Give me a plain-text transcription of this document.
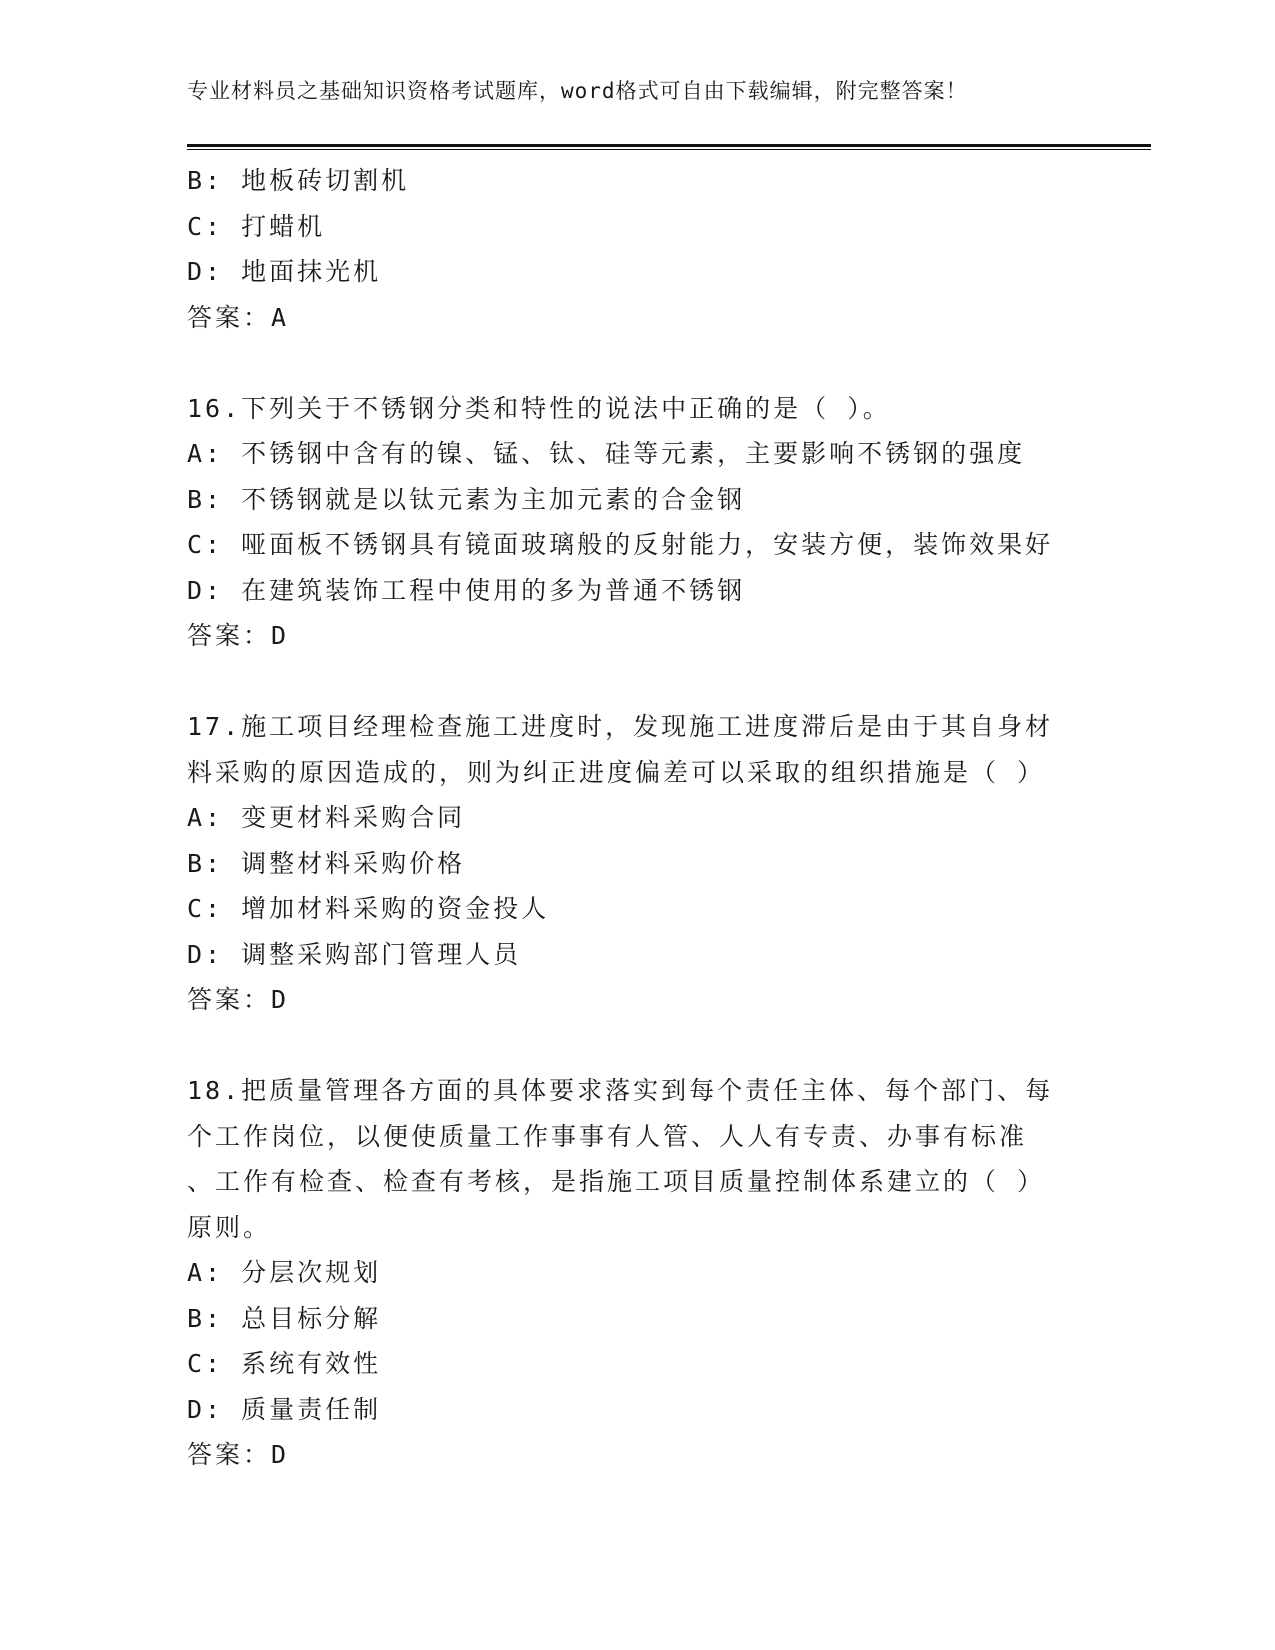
专业材料员之基础知识资格考试题库，word格式可自由下载编辑，附完整答案！
B: 地板砖切割机
C: 打蜡机
D: 地面抹光机
答案：A
16.下列关于不锈钢分类和特性的说法中正确的是（ ）。
A: 不锈钢中含有的镍、锰、钛、硅等元素，主要影响不锈钢的强度
B: 不锈钢就是以钛元素为主加元素的合金钢
C: 哑面板不锈钢具有镜面玻璃般的反射能力，安装方便，装饰效果好
D: 在建筑装饰工程中使用的多为普通不锈钢
答案：D
17.施工项目经理检查施工进度时，发现施工进度滞后是由于其自身材
料采购的原因造成的，则为纠正进度偏差可以采取的组织措施是（ ）
A: 变更材料采购合同
B: 调整材料采购价格
C: 增加材料采购的资金投人
D: 调整采购部门管理人员
答案：D
18.把质量管理各方面的具体要求落实到每个责任主体、每个部门、每
个工作岗位，以便使质量工作事事有人管、人人有专责、办事有标准
、工作有检查、检查有考核，是指施工项目质量控制体系建立的（ ）
原则。
A: 分层次规划
B: 总目标分解
C: 系统有效性
D: 质量责任制
答案：D
